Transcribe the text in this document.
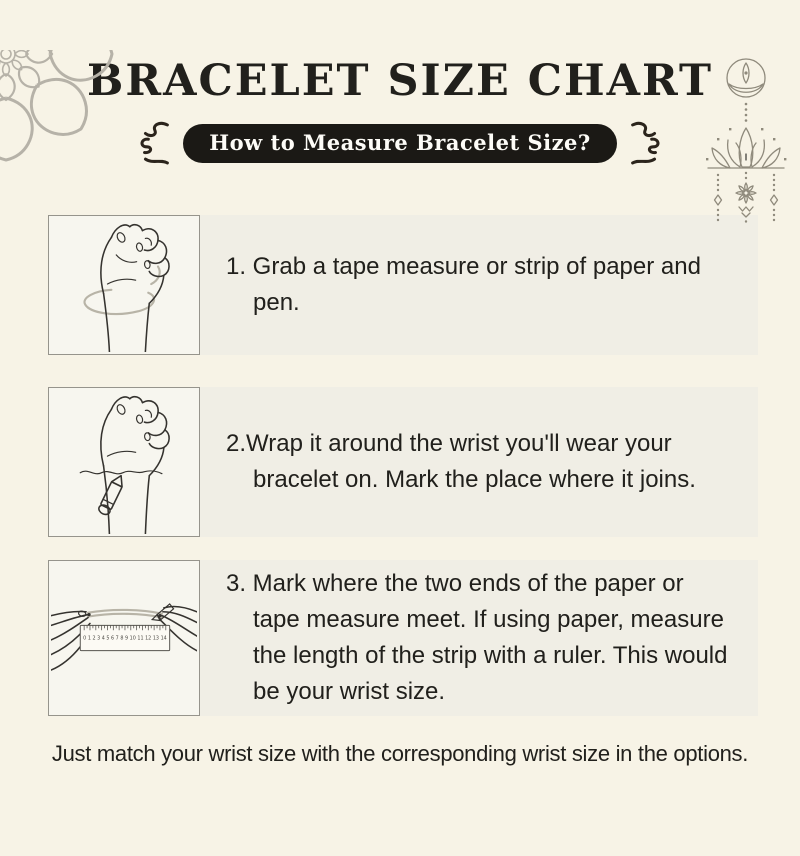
BRACELET SIZE CHART
How to Measure Bracelet Size?

1. Grab a tape measure or strip of paper and
pen.

2.Wrap it around the wrist you'll wear your
bracelet on. Mark the place where it joins.

0 1 2 3 4 5 6 7 8 9 10 11 12 13 14

3. Mark where the two ends of the paper or
tape measure meet. If using paper, measure
the length of the strip with a ruler. This would
be your wrist size.

Just match your wrist size with the corresponding wrist size in the options.
